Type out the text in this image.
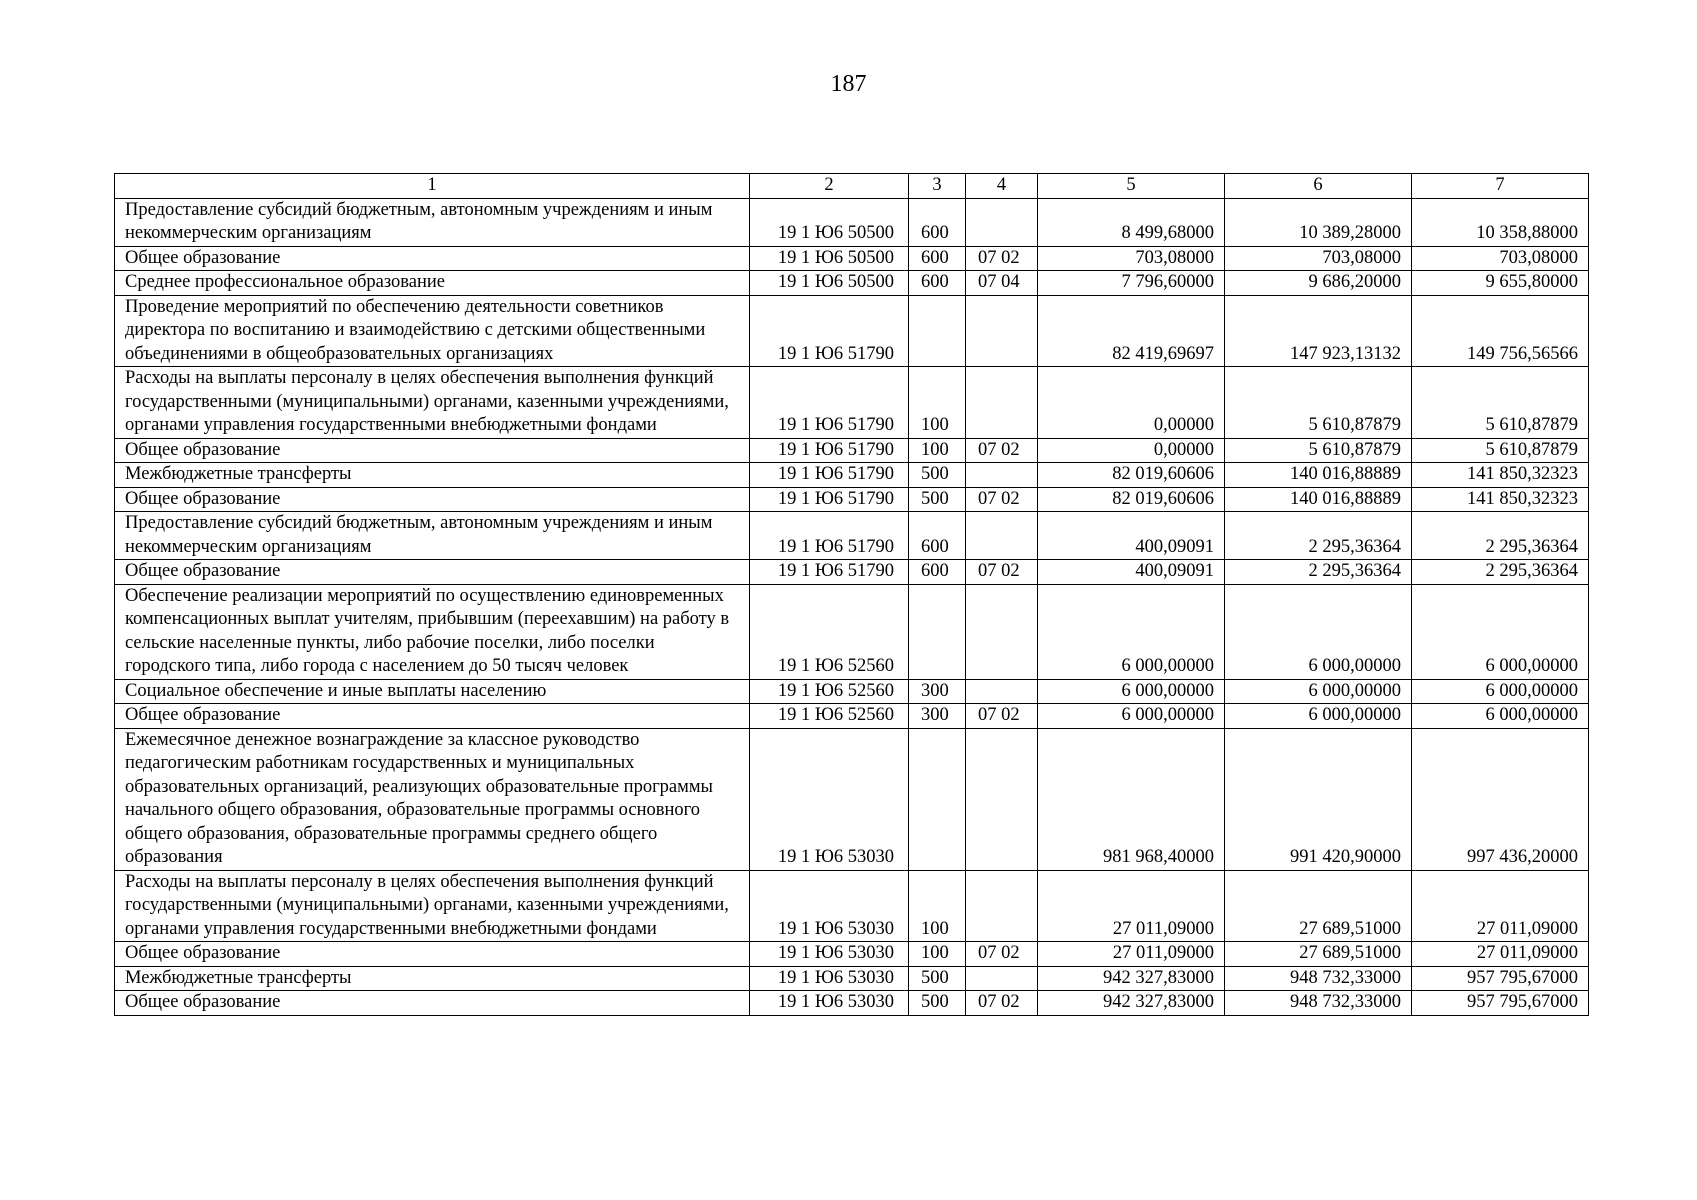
187
1	2	3	4	5	6	7
Предоставление субсидий бюджетным, автономным учреждениям и иным некоммерческим организациям	19 1 Ю6 50500	600		8 499,68000	10 389,28000	10 358,88000
Общее образование	19 1 Ю6 50500	600	07 02	703,08000	703,08000	703,08000
Среднее профессиональное образование	19 1 Ю6 50500	600	07 04	7 796,60000	9 686,20000	9 655,80000
Проведение мероприятий по обеспечению деятельности советников директора по воспитанию и взаимодействию с детскими общественными объединениями в общеобразовательных организациях	19 1 Ю6 51790			82 419,69697	147 923,13132	149 756,56566
Расходы на выплаты персоналу в целях обеспечения выполнения функций государственными (муниципальными) органами, казенными учреждениями, органами управления государственными внебюджетными фондами	19 1 Ю6 51790	100		0,00000	5 610,87879	5 610,87879
Общее образование	19 1 Ю6 51790	100	07 02	0,00000	5 610,87879	5 610,87879
Межбюджетные трансферты	19 1 Ю6 51790	500		82 019,60606	140 016,88889	141 850,32323
Общее образование	19 1 Ю6 51790	500	07 02	82 019,60606	140 016,88889	141 850,32323
Предоставление субсидий бюджетным, автономным учреждениям и иным некоммерческим организациям	19 1 Ю6 51790	600		400,09091	2 295,36364	2 295,36364
Общее образование	19 1 Ю6 51790	600	07 02	400,09091	2 295,36364	2 295,36364
Обеспечение реализации мероприятий по осуществлению единовременных компенсационных выплат учителям, прибывшим (переехавшим) на работу в сельские населенные пункты, либо рабочие поселки, либо поселки городского типа, либо города с населением до 50 тысяч человек	19 1 Ю6 52560			6 000,00000	6 000,00000	6 000,00000
Социальное обеспечение и иные выплаты населению	19 1 Ю6 52560	300		6 000,00000	6 000,00000	6 000,00000
Общее образование	19 1 Ю6 52560	300	07 02	6 000,00000	6 000,00000	6 000,00000
Ежемесячное денежное вознаграждение за классное руководство педагогическим работникам государственных и муниципальных образовательных организаций, реализующих образовательные программы начального общего образования, образовательные программы основного общего образования, образовательные программы среднего общего образования	19 1 Ю6 53030			981 968,40000	991 420,90000	997 436,20000
Расходы на выплаты персоналу в целях обеспечения выполнения функций государственными (муниципальными) органами, казенными учреждениями, органами управления государственными внебюджетными фондами	19 1 Ю6 53030	100		27 011,09000	27 689,51000	27 011,09000
Общее образование	19 1 Ю6 53030	100	07 02	27 011,09000	27 689,51000	27 011,09000
Межбюджетные трансферты	19 1 Ю6 53030	500		942 327,83000	948 732,33000	957 795,67000
Общее образование	19 1 Ю6 53030	500	07 02	942 327,83000	948 732,33000	957 795,67000
